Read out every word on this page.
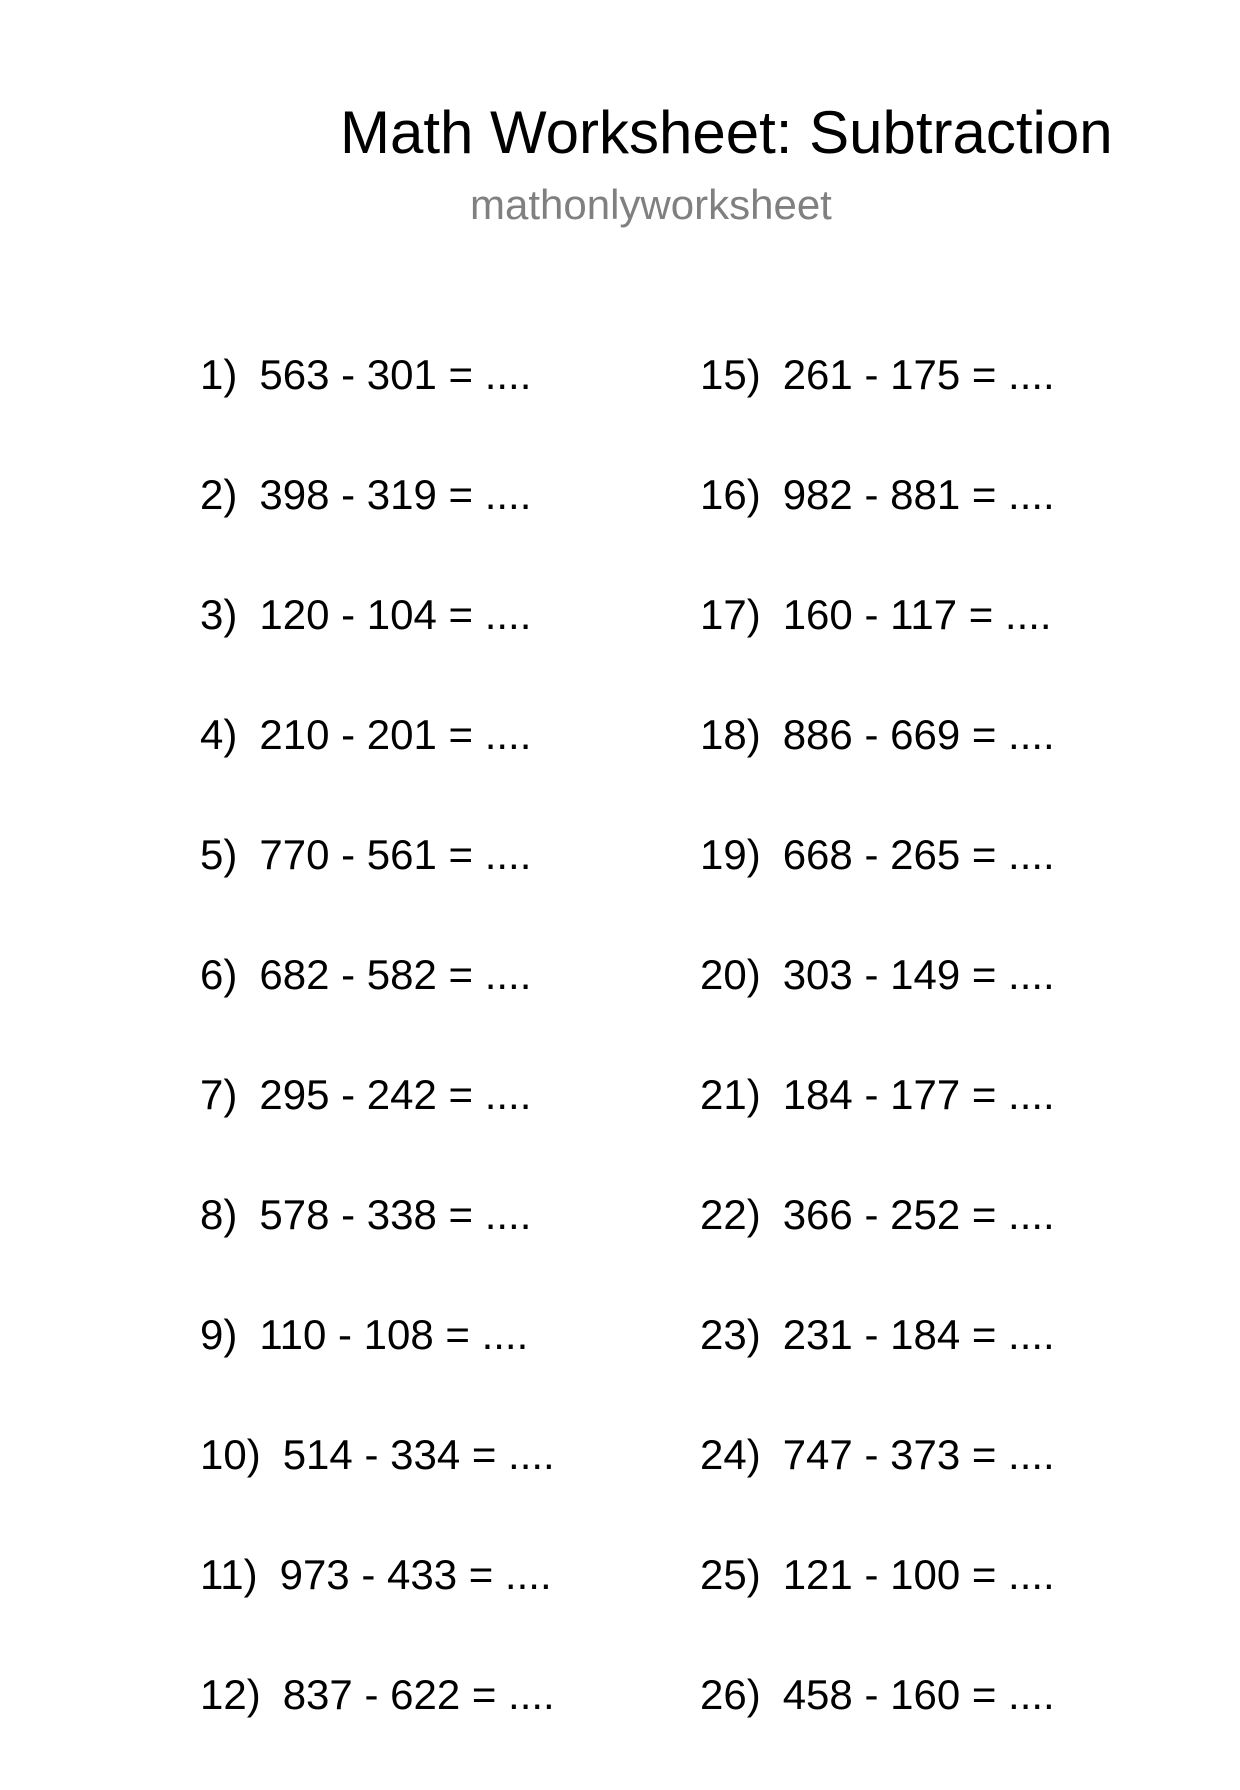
Math Worksheet: Subtraction
mathonlyworksheet
1) 563 - 301 = ....
2) 398 - 319 = ....
3) 120 - 104 = ....
4) 210 - 201 = ....
5) 770 - 561 = ....
6) 682 - 582 = ....
7) 295 - 242 = ....
8) 578 - 338 = ....
9) 110 - 108 = ....
10) 514 - 334 = ....
11) 973 - 433 = ....
12) 837 - 622 = ....
15) 261 - 175 = ....
16) 982 - 881 = ....
17) 160 - 117 = ....
18) 886 - 669 = ....
19) 668 - 265 = ....
20) 303 - 149 = ....
21) 184 - 177 = ....
22) 366 - 252 = ....
23) 231 - 184 = ....
24) 747 - 373 = ....
25) 121 - 100 = ....
26) 458 - 160 = ....
